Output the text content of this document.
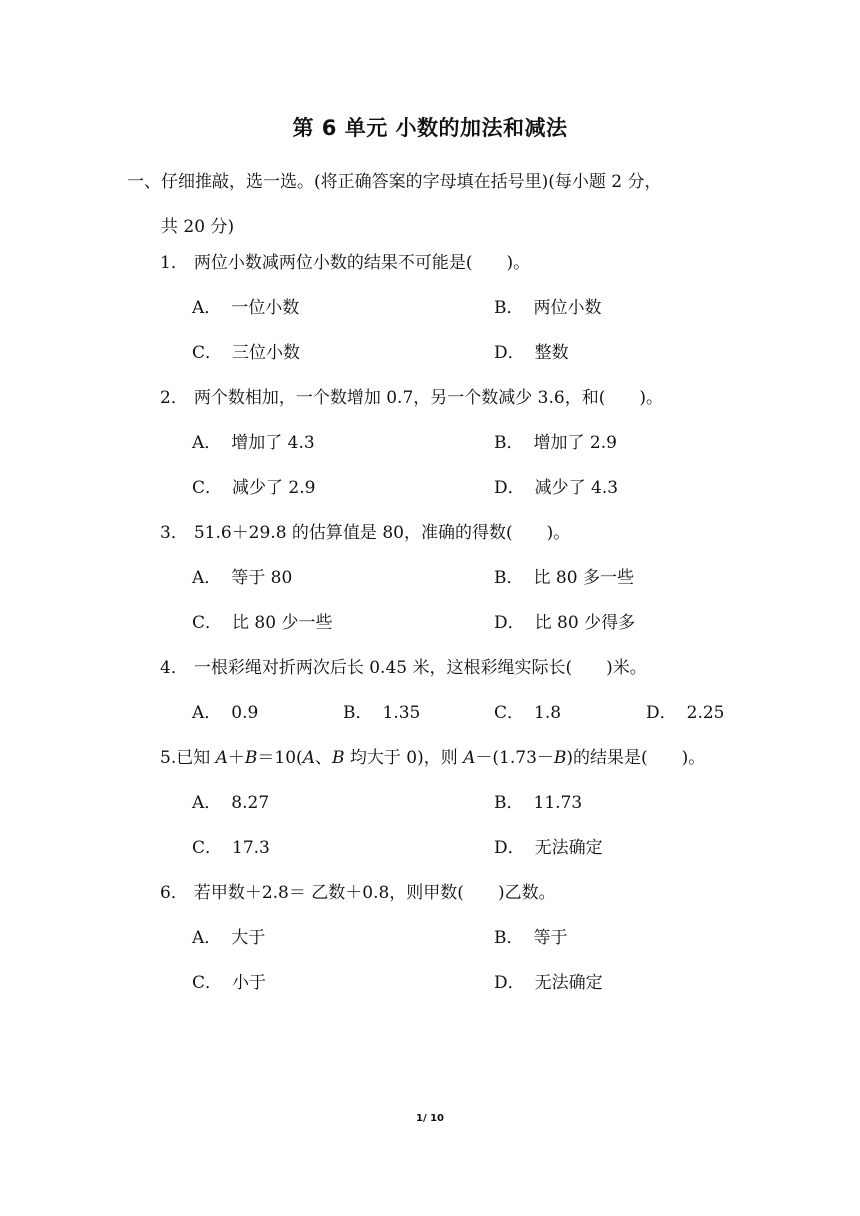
第 6 单元 小数的加法和减法
一、仔细推敲，选一选。(将正确答案的字母填在括号里)(每小题 2 分，
共 20 分)
1． 两位小数减两位小数的结果不可能是( )。
A． 一位小数	B． 两位小数
C． 三位小数	D． 整数
2． 两个数相加，一个数增加 0.7，另一个数减少 3.6，和( )。
A． 增加了 4.3	B． 增加了 2.9
C． 减少了 2.9	D． 减少了 4.3
3． 51.6＋29.8 的估算值是 80，准确的得数( )。
A． 等于 80	B． 比 80 多一些
C． 比 80 少一些	D． 比 80 少得多
4． 一根彩绳对折两次后长 0.45 米，这根彩绳实际长( )米。
A． 0.9	B． 1.35	C． 1.8	D． 2.25
5.已知 A＋B＝10(A、B 均大于 0)，则 A－(1.73－B)的结果是( )。
A． 8.27	B． 11.73
C． 17.3	D． 无法确定
6． 若甲数＋2.8＝ 乙数＋0.8，则甲数( )乙数。
A． 大于	B． 等于
C． 小于	D． 无法确定
1/ 10
